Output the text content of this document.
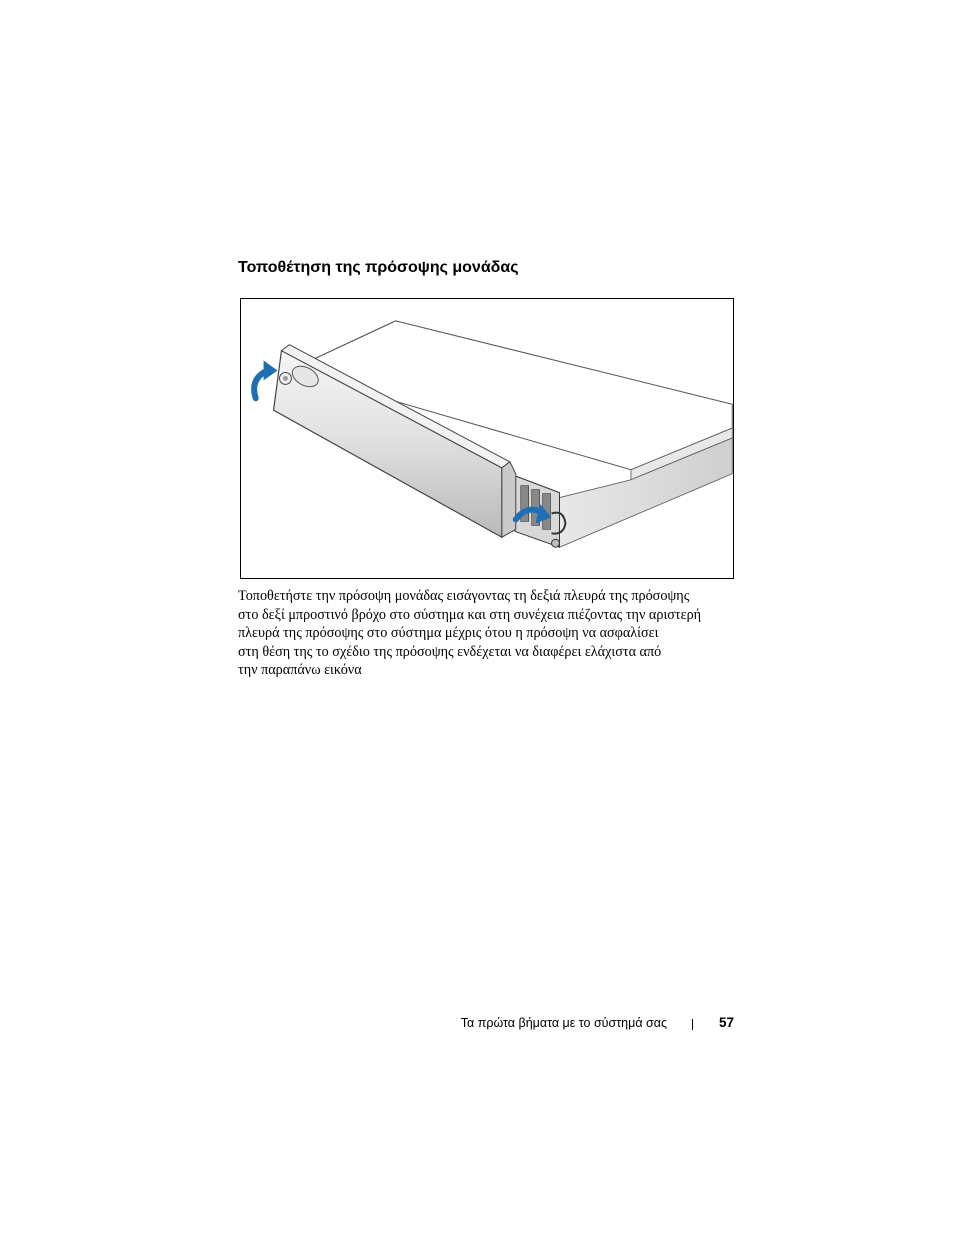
Τοποθέτηση της πρόσοψης μονάδας
Τοποθετήστε την πρόσοψη μονάδας εισάγοντας τη δεξιά πλευρά της πρόσοψης
στο δεξί μπροστινό βρόχο στο σύστημα και στη συνέχεια πιέζοντας την αριστερή
πλευρά της πρόσοψης στο σύστημα μέχρις ότου η πρόσοψη να ασφαλίσει
στη θέση της το σχέδιο της πρόσοψης ενδέχεται να διαφέρει ελάχιστα από
την παραπάνω εικόνα
Τα πρώτα βήματα με το σύστημά σας	57
